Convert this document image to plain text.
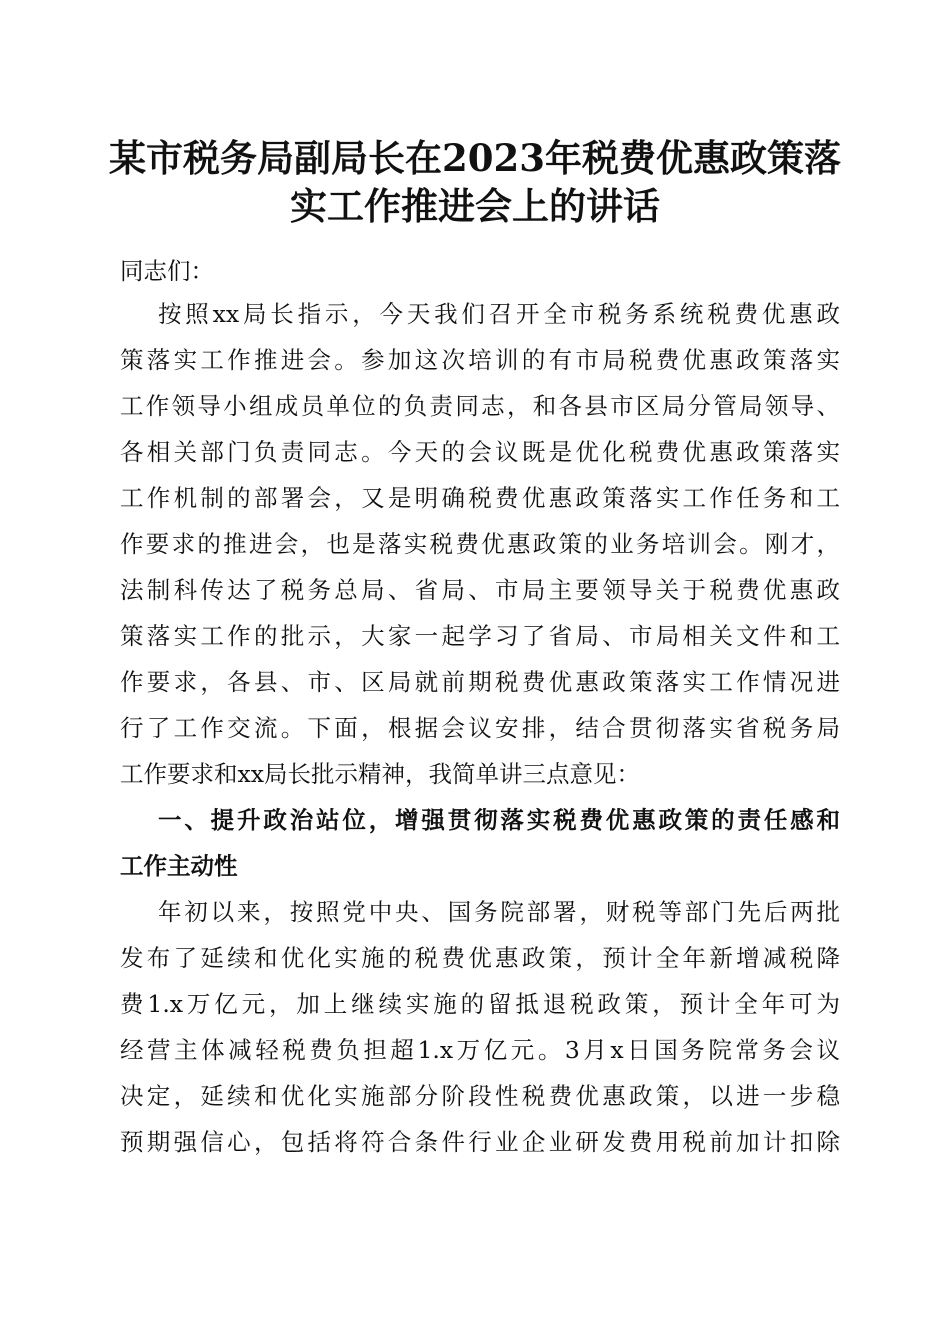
某市税务局副局长在2023年税费优惠政策落
实工作推进会上的讲话
同志们：
按照xx局长指示，今天我们召开全市税务系统税费优惠政
策落实工作推进会。参加这次培训的有市局税费优惠政策落实
工作领导小组成员单位的负责同志，和各县市区局分管局领导、
各相关部门负责同志。今天的会议既是优化税费优惠政策落实
工作机制的部署会，又是明确税费优惠政策落实工作任务和工
作要求的推进会，也是落实税费优惠政策的业务培训会。刚才，
法制科传达了税务总局、省局、市局主要领导关于税费优惠政
策落实工作的批示，大家一起学习了省局、市局相关文件和工
作要求，各县、市、区局就前期税费优惠政策落实工作情况进
行了工作交流。下面，根据会议安排，结合贯彻落实省税务局
工作要求和xx局长批示精神，我简单讲三点意见：
一、提升政治站位，增强贯彻落实税费优惠政策的责任感和
工作主动性
年初以来，按照党中央、国务院部署，财税等部门先后两批
发布了延续和优化实施的税费优惠政策，预计全年新增减税降
费1.x万亿元，加上继续实施的留抵退税政策，预计全年可为
经营主体减轻税费负担超1.x万亿元。3月x日国务院常务会议
决定，延续和优化实施部分阶段性税费优惠政策，以进一步稳
预期强信心，包括将符合条件行业企业研发费用税前加计扣除
